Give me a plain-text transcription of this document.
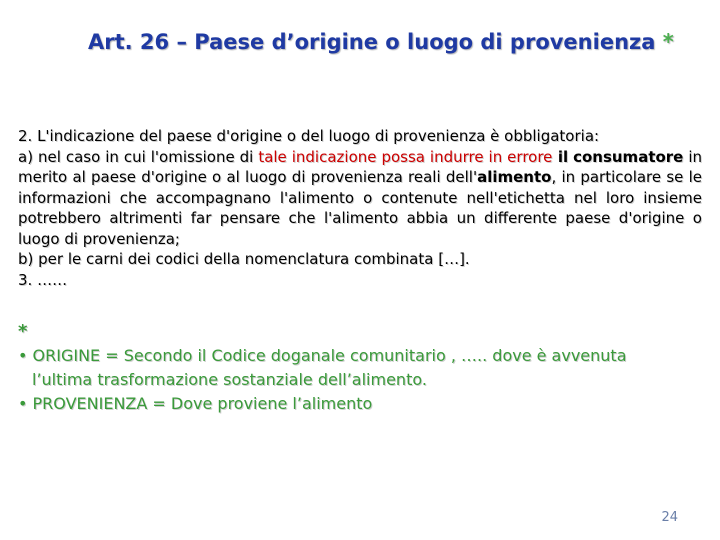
Art. 26 – Paese d’origine o luogo di provenienza *

2. L'indicazione del paese d'origine o del luogo di provenienza è obbligatoria:

a) nel caso in cui l'omissione di tale indicazione possa indurre in errore il consumatore in merito al paese d'origine o al luogo di provenienza reali dell'alimento, in particolare se le informazioni che accompagnano l'alimento o contenute nell'etichetta nel loro insieme potrebbero altrimenti far pensare che l'alimento abbia un differente paese d'origine o luogo di provenienza;

b) per le carni dei codici della nomenclatura combinata […].

3. ……

*

• ORIGINE = Secondo il Codice doganale comunitario , ….. dove è avvenuta

l’ultima trasformazione sostanziale dell’alimento.

• PROVENIENZA = Dove proviene l’alimento

24
